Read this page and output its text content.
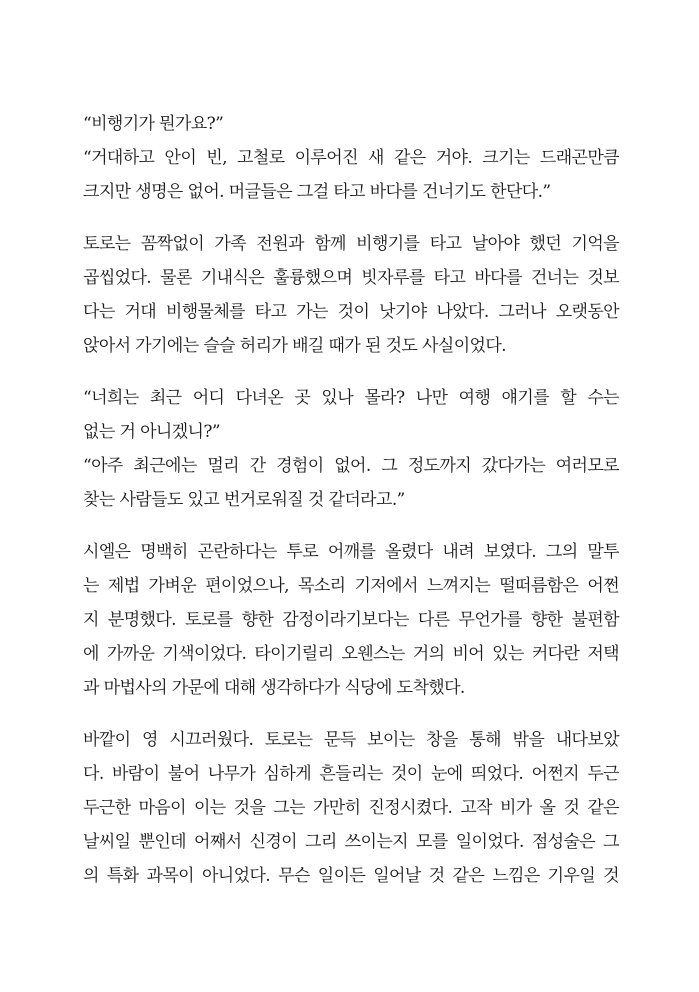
“비행기가 뭔가요?”
“거대하고 안이 빈, 고철로 이루어진 새 같은 거야. 크기는 드래곤만큼
크지만 생명은 없어. 머글들은 그걸 타고 바다를 건너기도 한단다.”
토로는 꼼짝없이 가족 전원과 함께 비행기를 타고 날아야 했던 기억을
곱씹었다. 물론 기내식은 훌륭했으며 빗자루를 타고 바다를 건너는 것보
다는 거대 비행물체를 타고 가는 것이 낫기야 나았다. 그러나 오랫동안
앉아서 가기에는 슬슬 허리가 배길 때가 된 것도 사실이었다.
“너희는 최근 어디 다녀온 곳 있나 몰라? 나만 여행 얘기를 할 수는
없는 거 아니겠니?”
“아주 최근에는 멀리 간 경험이 없어. 그 정도까지 갔다가는 여러모로
찾는 사람들도 있고 번거로워질 것 같더라고.”
시엘은 명백히 곤란하다는 투로 어깨를 올렸다 내려 보였다. 그의 말투
는 제법 가벼운 편이었으나, 목소리 기저에서 느껴지는 떨떠름함은 어쩐
지 분명했다. 토로를 향한 감정이라기보다는 다른 무언가를 향한 불편함
에 가까운 기색이었다. 타이기릴리 오웬스는 거의 비어 있는 커다란 저택
과 마법사의 가문에 대해 생각하다가 식당에 도착했다.
바깥이 영 시끄러웠다. 토로는 문득 보이는 창을 통해 밖을 내다보았
다. 바람이 불어 나무가 심하게 흔들리는 것이 눈에 띄었다. 어쩐지 두근
두근한 마음이 이는 것을 그는 가만히 진정시켰다. 고작 비가 올 것 같은
날씨일 뿐인데 어째서 신경이 그리 쓰이는지 모를 일이었다. 점성술은 그
의 특화 과목이 아니었다. 무슨 일이든 일어날 것 같은 느낌은 기우일 것
